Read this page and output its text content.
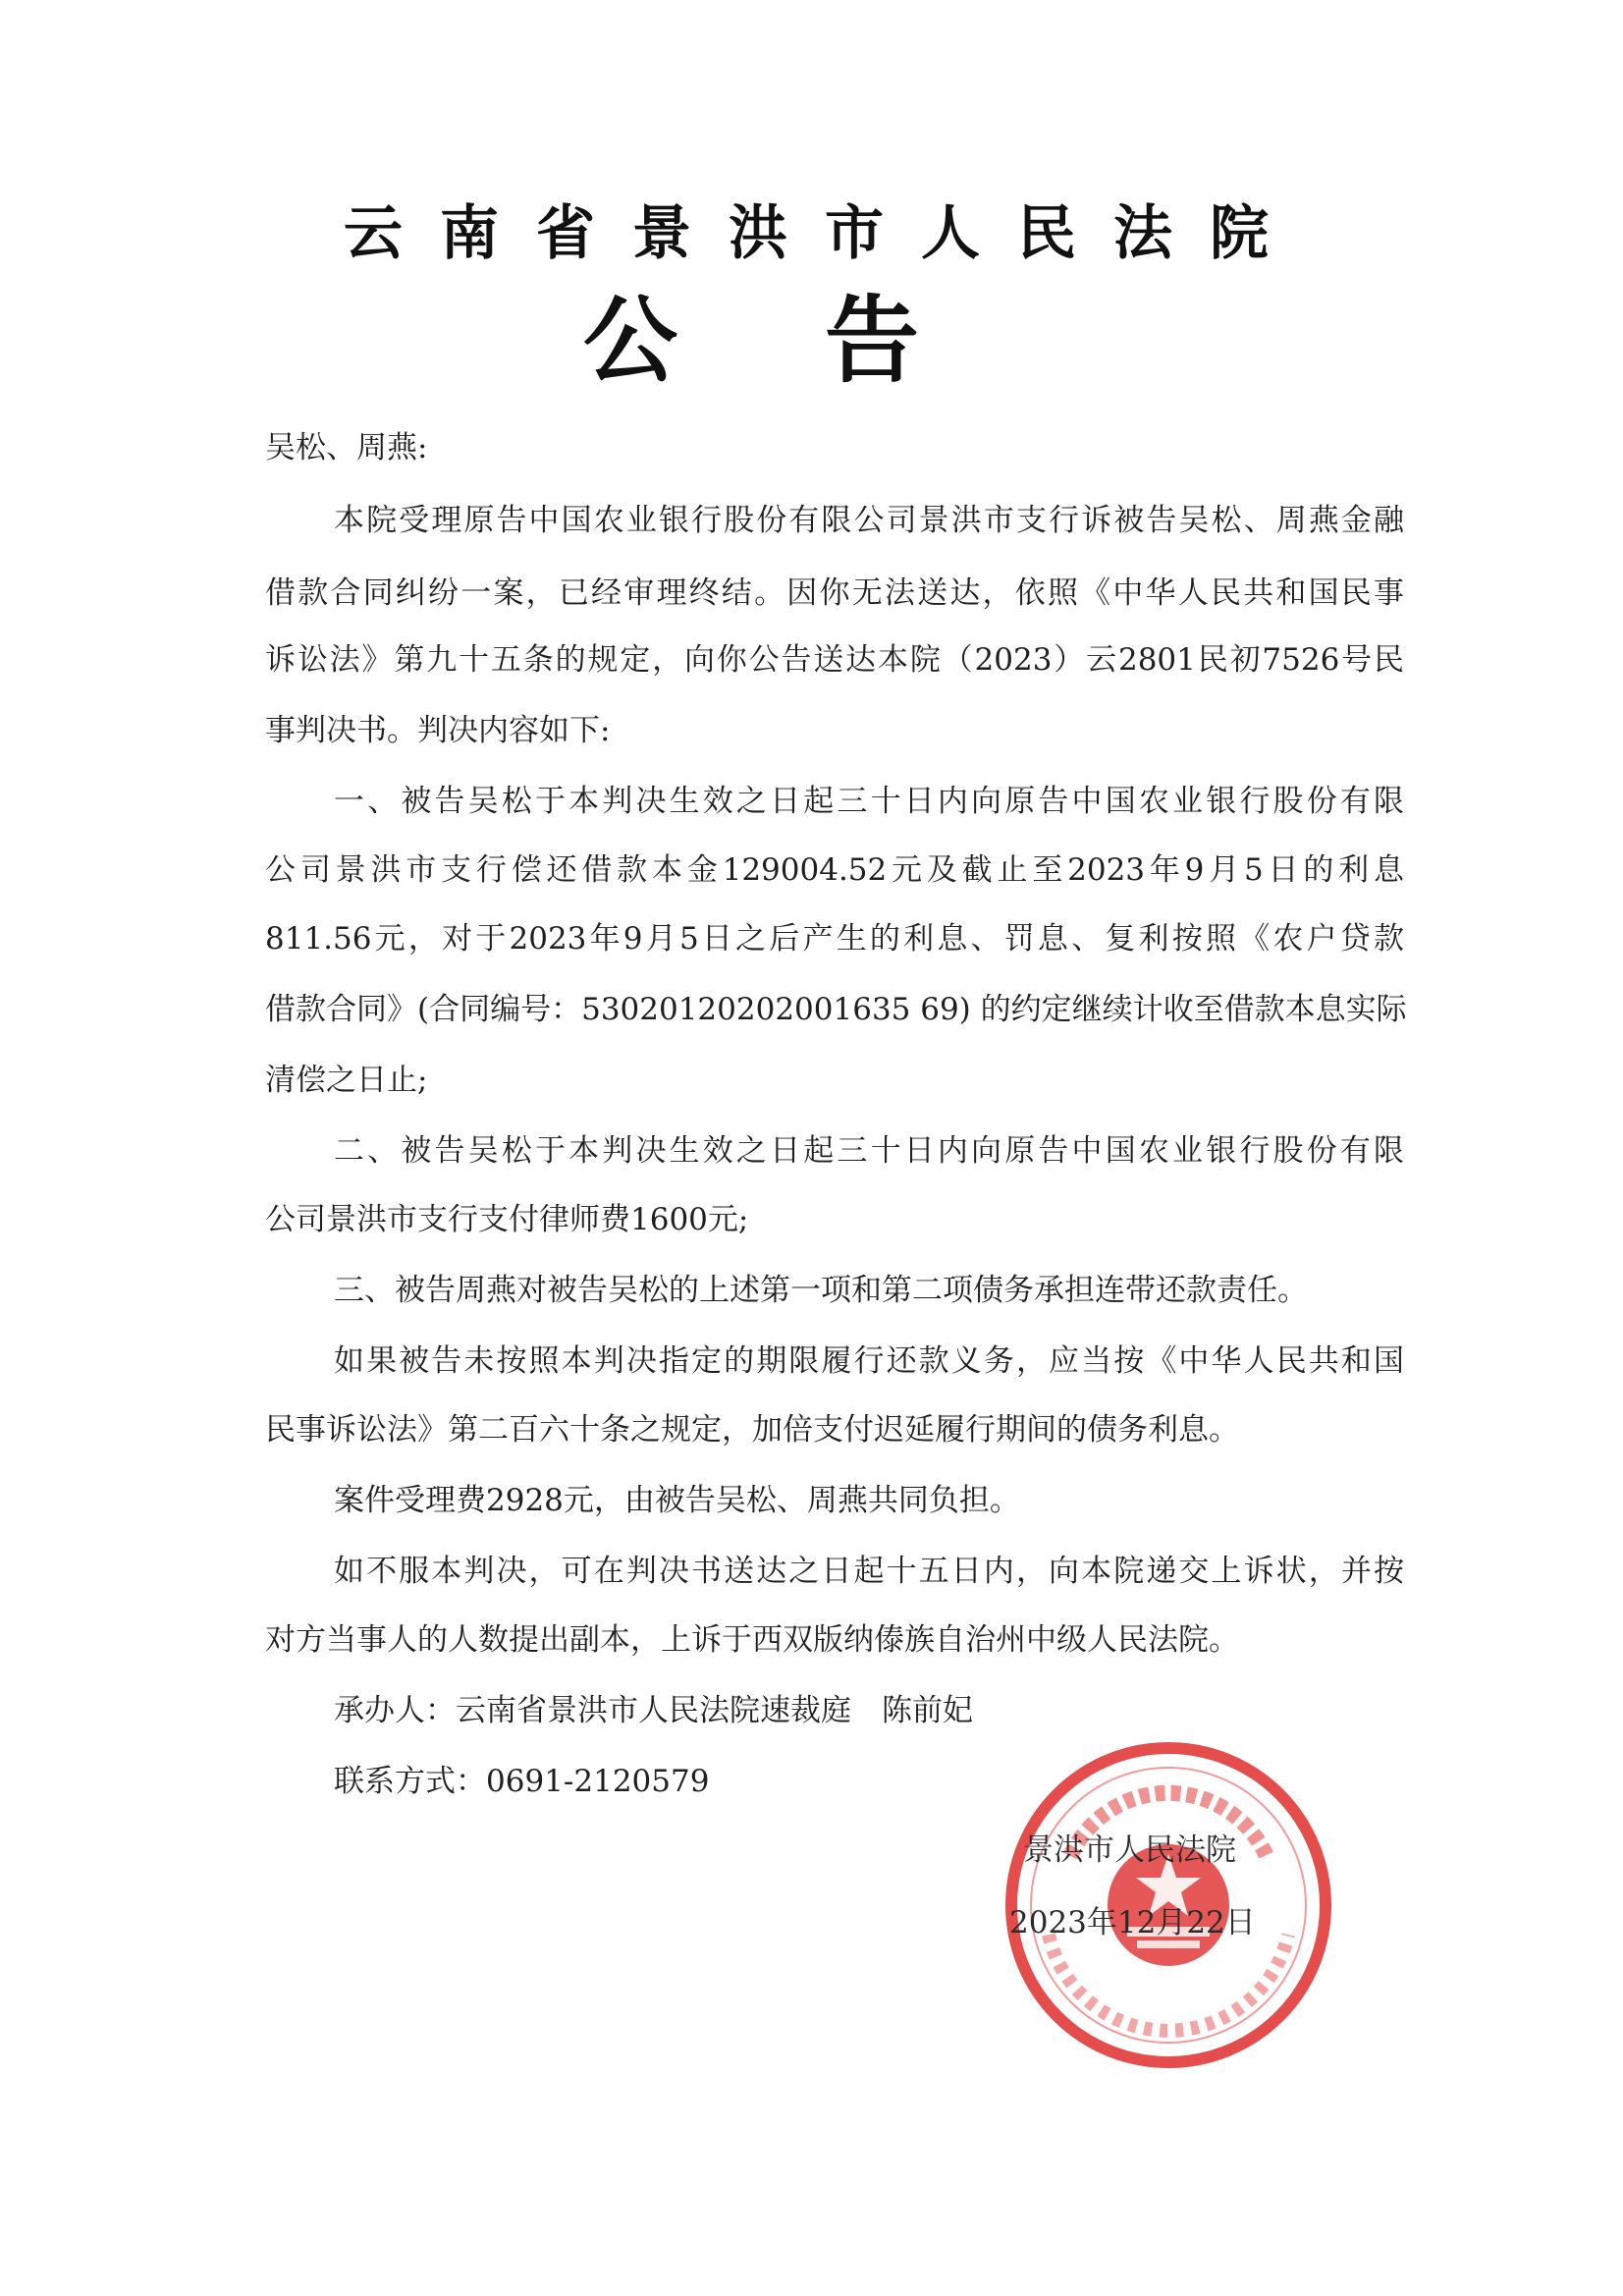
云南省景洪市人民法院
公告
吴松、周燕:
本院受理原告中国农业银行股份有限公司景洪市支行诉被告吴松、周燕金融
借款合同纠纷一案，已经审理终结。因你无法送达，依照《中华人民共和国民事
诉讼法》第九十五条的规定，向你公告送达本院（2023）云2801民初7526号民
事判决书。判决内容如下:
一、被告吴松于本判决生效之日起三十日内向原告中国农业银行股份有限
公司景洪市支行偿还借款本金129004.52元及截止至2023年9月5日的利息
811.56元，对于2023年9月5日之后产生的利息、罚息、复利按照《农户贷款
借款合同》(合同编号：53020120202001635 69) 的约定继续计收至借款本息实际
清偿之日止;
二、被告吴松于本判决生效之日起三十日内向原告中国农业银行股份有限
公司景洪市支行支付律师费1600元;
三、被告周燕对被告吴松的上述第一项和第二项债务承担连带还款责任。
如果被告未按照本判决指定的期限履行还款义务，应当按《中华人民共和国
民事诉讼法》第二百六十条之规定，加倍支付迟延履行期间的债务利息。
案件受理费2928元，由被告吴松、周燕共同负担。
如不服本判决，可在判决书送达之日起十五日内，向本院递交上诉状，并按
对方当事人的人数提出副本，上诉于西双版纳傣族自治州中级人民法院。
承办人：云南省景洪市人民法院速裁庭　陈前妃
联系方式：0691-2120579
景洪市人民法院
2023年12月22日
